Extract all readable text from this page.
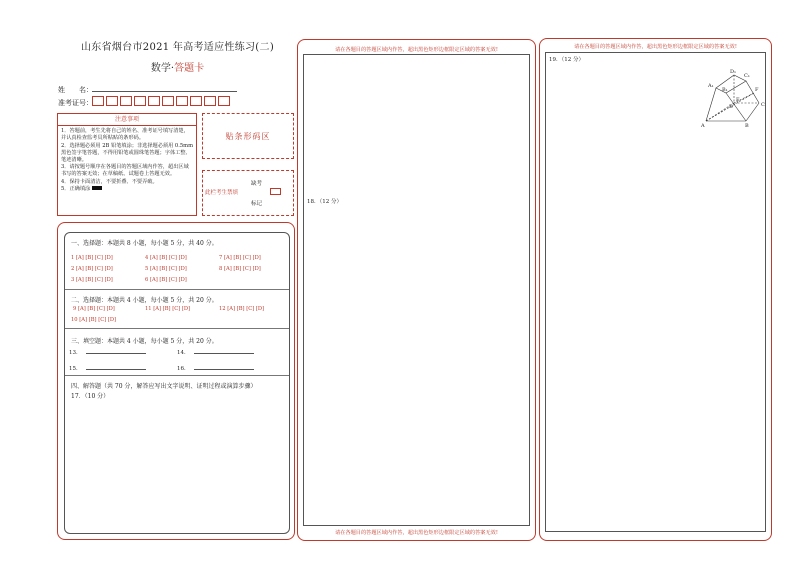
山东省烟台市2021 年高考适应性练习(二)
数学·答题卡
姓　　名：
准考证号：
注意事项
1．答题前，考生先将自己的姓名、准考证号填写清楚，并认真检查监考员所粘贴的条形码。
2．选择题必须用 2B 铅笔填涂；非选择题必须用 0.5mm 黑色签字笔答题，不得用铅笔或圆珠笔答题；字体工整、笔迹清晰。
3．请按题号顺序在各题目的答题区域内作答，超出区域书写的答案无效；在草稿纸、试题卷上答题无效。
4．保持卡面清洁，不要折叠、不要弄破。
5．正确填涂
贴条形码区
缺考
此栏考生禁填
标记
一、选择题：本题共 8 小题，每小题 5 分，共 40 分。
1 [A] [B] [C] [D]	4 [A] [B] [C] [D]	7 [A] [B] [C] [D]
2 [A] [B] [C] [D]	5 [A] [B] [C] [D]	8 [A] [B] [C] [D]
3 [A] [B] [C] [D]	6 [A] [B] [C] [D]
二、选择题：本题共 4 小题，每小题 5 分，共 20 分。
9 [A] [B] [C] [D]	11 [A] [B] [C] [D]	12 [A] [B] [C] [D]
10 [A] [B] [C] [D]
三、填空题：本题共 4 小题，每小题 5 分，共 20 分。
13．	14．
15．	16．
四、解答题（共 70 分，解答应写出文字说明、证明过程或演算步骤）
17．（10 分）
请在各题目的答题区域内作答，超出黑色矩形边框限定区域的答案无效!
18．（12 分）
请在各题目的答题区域内作答，超出黑色矩形边框限定区域的答案无效!
请在各题目的答题区域内作答，超出黑色矩形边框限定区域的答案无效!
19．（12 分）
D₁
C₁
A₁
B₁	F
D	C
E
A	B
